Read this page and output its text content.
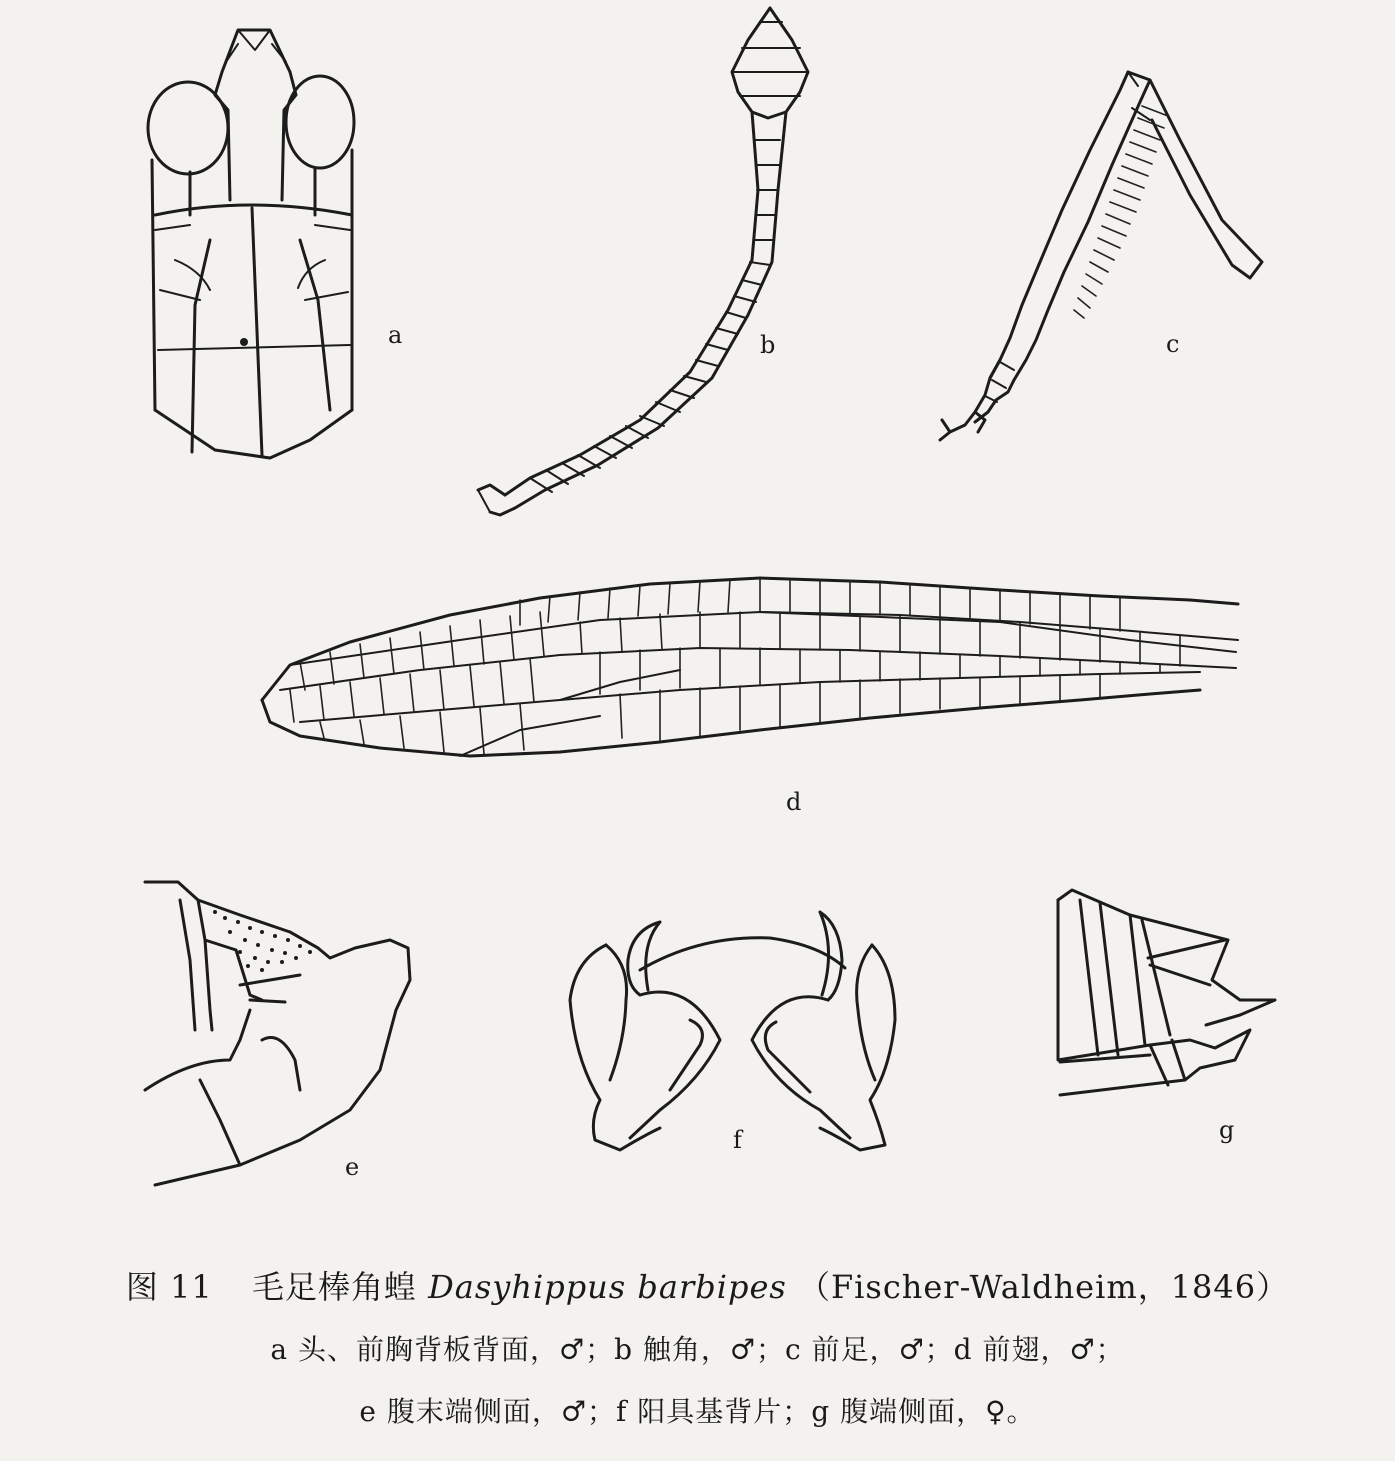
a	b	c
d
e
f	g
图 11 毛足棒角蝗 Dasyhippus barbipes （Fischer-Waldheim，1846）
a 头、前胸背板背面，♂；b 触角，♂；c 前足，♂；d 前翅，♂；
e 腹末端侧面，♂；f 阳具基背片；g 腹端侧面，♀。
